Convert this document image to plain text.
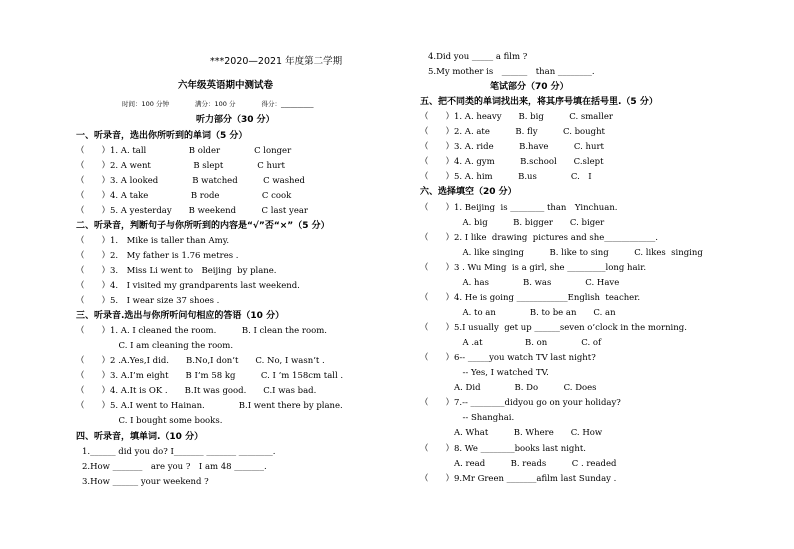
***2020—2021 年度第二学期
六年级英语期中测试卷
时间：100 分钟　　　　满分：100 分　　　　得分：__________
听力部分（30 分）
一、听录音，选出你所听到的单词（5 分）
（　　）1. A. tall　　　　　B older　　　　C longer
（　　）2. A went　　　　　B slept　　　　C hurt
（　　）3. A looked　　　　B watched　　　C washed
（　　）4. A take　　　　　B rode　　　　　C cook
（　　）5. A yesterday　　B weekend　　　C last year
二、听录音，判断句子与你所听到的内容是“√”否“×”（5 分）
（　　）1.　Mike is taller than Amy.
（　　）2.　My father is 1.76 metres .
（　　）3.　Miss Li went to　Beijing  by plane.
（　　）4.　I visited my grandparents last weekend.
（　　）5.　I wear size 37 shoes .
三、听录音.选出与你所听问句相应的答语（10 分）
（　　）1. A. I cleaned the room.　　　B. I clean the room.
　　　　　C. I am cleaning the room.
（　　）2 .A.Yes,I did.　　B.No,I don’t　　C. No, I wasn’t .
（　　）3. A.I’m eight　　B I’m 58 kg　　　C. I ’m 158cm tall .
（　　）4. A.It is OK .　　B.It was good.　　C.I was bad.
（　　）5. A.I went to Hainan.　　　　B.I went there by plane.
　　　　　C. I bought some books.
四、听录音，填单词.（10 分）
1.______ did you do? I_______ _______ ________.
2.How _______　are you ?　I am 48 _______.
3.How ______ your weekend ?
4.Did you _____ a film ?
5.My mother is　______　than ________.
笔试部分（70 分）
五、把不同类的单词找出来，将其序号填在括号里.（5 分）
（　　）1. A. heavy　　B. big　　　C. smaller
（　　）2. A. ate　　　B. fly　　　C. bought
（　　）3. A. ride　　　B.have　　　C. hurt
（　　）4. A. gym　　　B.school　　C.slept
（　　）5. A. him　　　B.us　　　　C.　I
六、选择填空（20 分）
（　　）1. Beijing  is ________ than　Yinchuan.
　　　　　A. big　　　B. bigger　　C. biger
（　　）2. I like  drawing  pictures and she____________.
　　　　　A. like singing　　　B. like to sing　　　C. likes  singing
（　　）3 . Wu Ming  is a girl, she _________long hair.
　　　　　A. has　　　　B. was　　　　C. Have
（　　）4. He is going ____________English  teacher.
　　　　　A. to an　　　　B. to be an　　C. an
（　　）5.I usually  get up ______seven o’clock in the morning.
　　　　　A .at　　　　　B. on　　　　C. of
（　　）6-- _____you watch TV last night?
　　　　　-- Yes, I watched TV.
　　　　A. Did　　　　B. Do　　　C. Does
（　　）7.-- ________didyou go on your holiday?
　　　　　-- Shanghai.
　　　　A. What　　　B. Where　　C. How
（　　）8. We ________books last night.
　　　　A. read　　　B. reads　　　C . readed
（　　）9.Mr Green _______afilm last Sunday .
